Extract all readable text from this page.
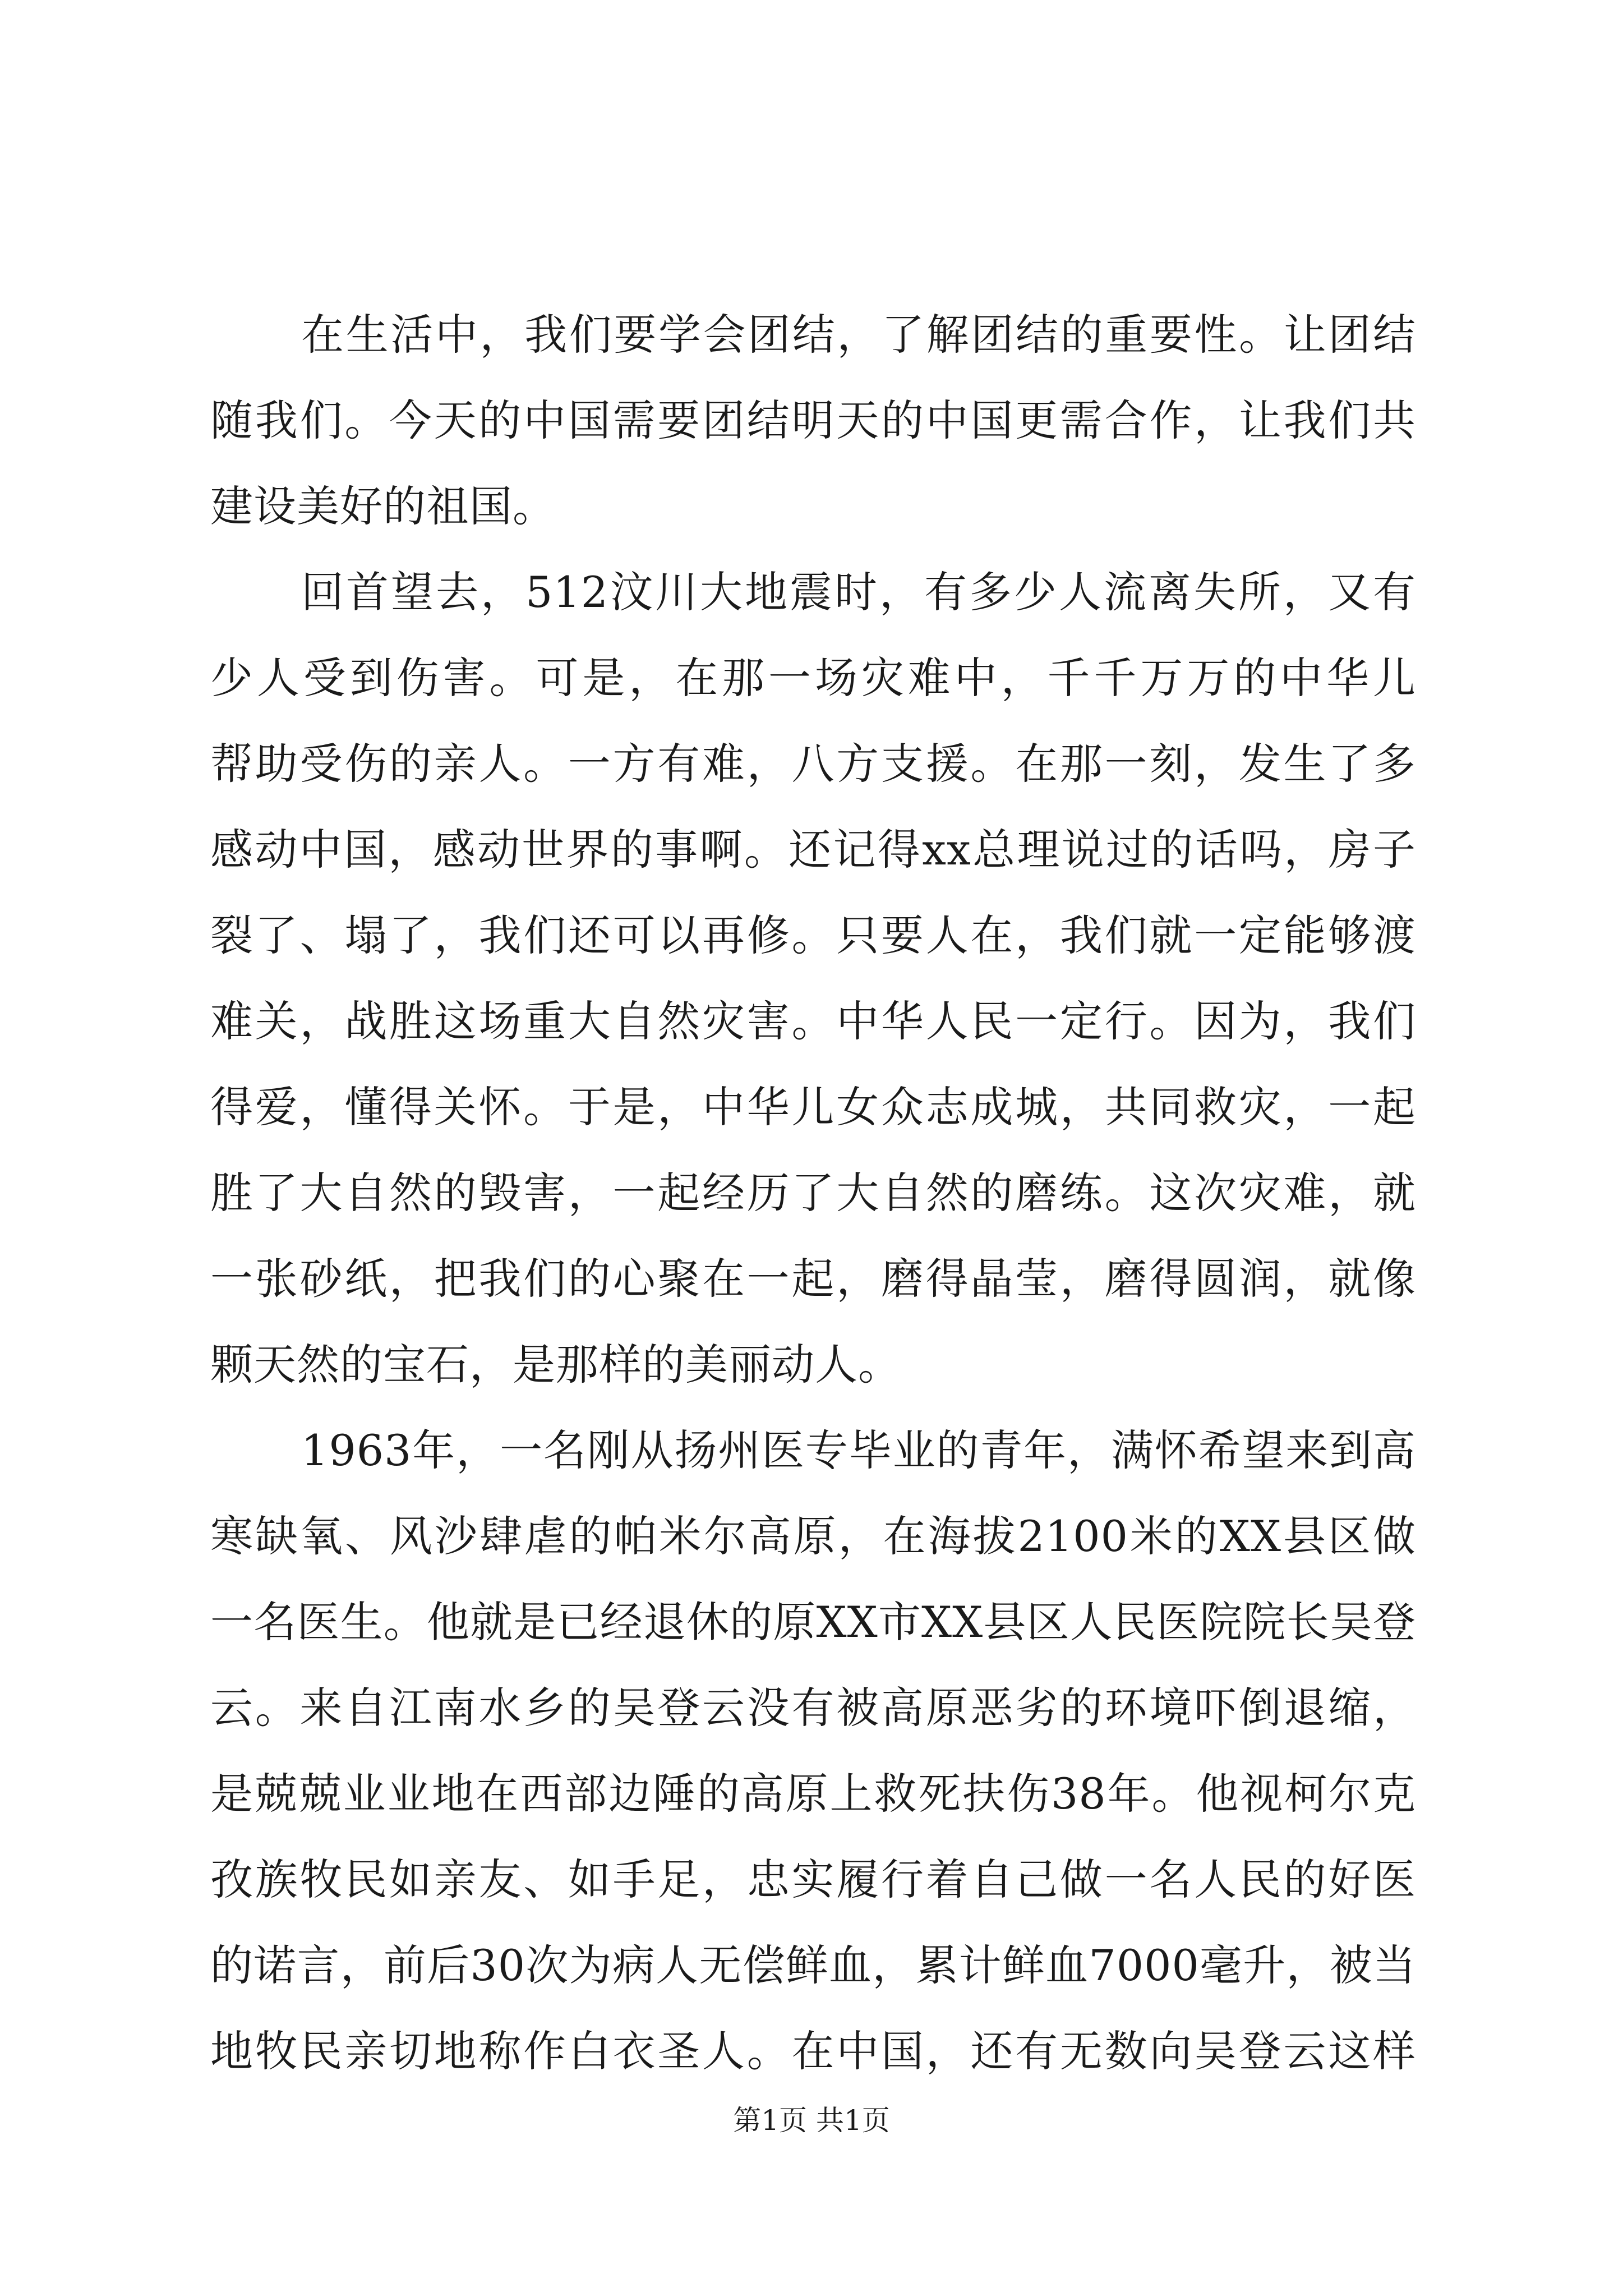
在生活中，我们要学会团结，了解团结的重要性。让团结
随我们。今天的中国需要团结明天的中国更需合作，让我们共
建设美好的祖国。
回首望去，512汶川大地震时，有多少人流离失所，又有
少人受到伤害。可是，在那一场灾难中，千千万万的中华儿
帮助受伤的亲人。一方有难，八方支援。在那一刻，发生了多
感动中国，感动世界的事啊。还记得xx总理说过的话吗，房子
裂了、塌了，我们还可以再修。只要人在，我们就一定能够渡
难关，战胜这场重大自然灾害。中华人民一定行。因为，我们
得爱，懂得关怀。于是，中华儿女众志成城，共同救灾，一起
胜了大自然的毁害，一起经历了大自然的磨练。这次灾难，就
一张砂纸，把我们的心聚在一起，磨得晶莹，磨得圆润，就像
颗天然的宝石，是那样的美丽动人。
1963年，一名刚从扬州医专毕业的青年，满怀希望来到高
寒缺氧、风沙肆虐的帕米尔高原，在海拔2100米的XX县区做
一名医生。他就是已经退休的原XX市XX县区人民医院院长吴登
云。来自江南水乡的吴登云没有被高原恶劣的环境吓倒退缩，
是兢兢业业地在西部边陲的高原上救死扶伤38年。他视柯尔克
孜族牧民如亲友、如手足，忠实履行着自己做一名人民的好医
的诺言，前后30次为病人无偿鲜血，累计鲜血7000毫升，被当
地牧民亲切地称作白衣圣人。在中国，还有无数向吴登云这样
第1页 共1页
